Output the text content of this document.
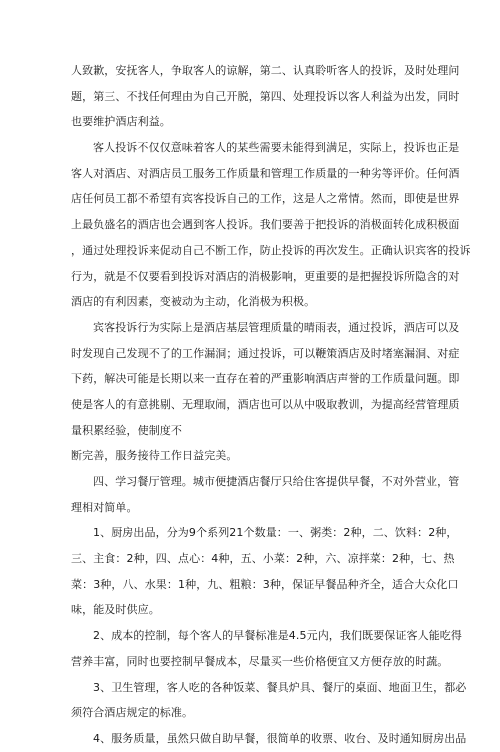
人致歉，安抚客人，争取客人的谅解，第二、认真聆听客人的投诉，及时处理问
题，第三、不找任何理由为自己开脱，第四、处理投诉以客人利益为出发，同时
也要维护酒店利益。
客人投诉不仅仅意味着客人的某些需要未能得到满足，实际上，投诉也正是
客人对酒店、对酒店员工服务工作质量和管理工作质量的一种劣等评价。任何酒
店任何员工都不希望有宾客投诉自己的工作，这是人之常情。然而，即使是世界
上最负盛名的酒店也会遇到客人投诉。我们要善于把投诉的消极面转化成积极面
，通过处理投诉来促动自己不断工作，防止投诉的再次发生。正确认识宾客的投诉
行为，就是不仅要看到投诉对酒店的消极影响，更重要的是把握投诉所隐含的对
酒店的有利因素，变被动为主动，化消极为积极。
宾客投诉行为实际上是酒店基层管理质量的晴雨表，通过投诉，酒店可以及
时发现自己发现不了的工作漏洞；通过投诉，可以鞭策酒店及时堵塞漏洞、对症
下药，解决可能是长期以来一直存在着的严重影响酒店声誉的工作质量问题。即
使是客人的有意挑剔、无理取闹，酒店也可以从中吸取教训，为提高经营管理质
量积累经验，使制度不
断完善，服务接待工作日益完美。
四、学习餐厅管理。城市便捷酒店餐厅只给住客提供早餐，不对外营业，管
理相对简单。
1、厨房出品，分为9个系列21个数量：一、粥类：2种，二、饮料：2种，
三、主食：2种，四、点心：4种，五、小菜：2种，六、凉拌菜：2种，七、热
菜：3种，八、水果：1种，九、粗粮：3种，保证早餐品种齐全，适合大众化口
味，能及时供应。
2、成本的控制，每个客人的早餐标准是4.5元内，我们既要保证客人能吃得
营养丰富，同时也要控制早餐成本，尽量买一些价格便宜又方便存放的时蔬。
3、卫生管理，客人吃的各种饭菜、餐具炉具、餐厅的桌面、地面卫生，都必
须符合酒店规定的标准。
4、服务质量，虽然只做自助早餐，很简单的收票、收台、及时通知厨房出品
